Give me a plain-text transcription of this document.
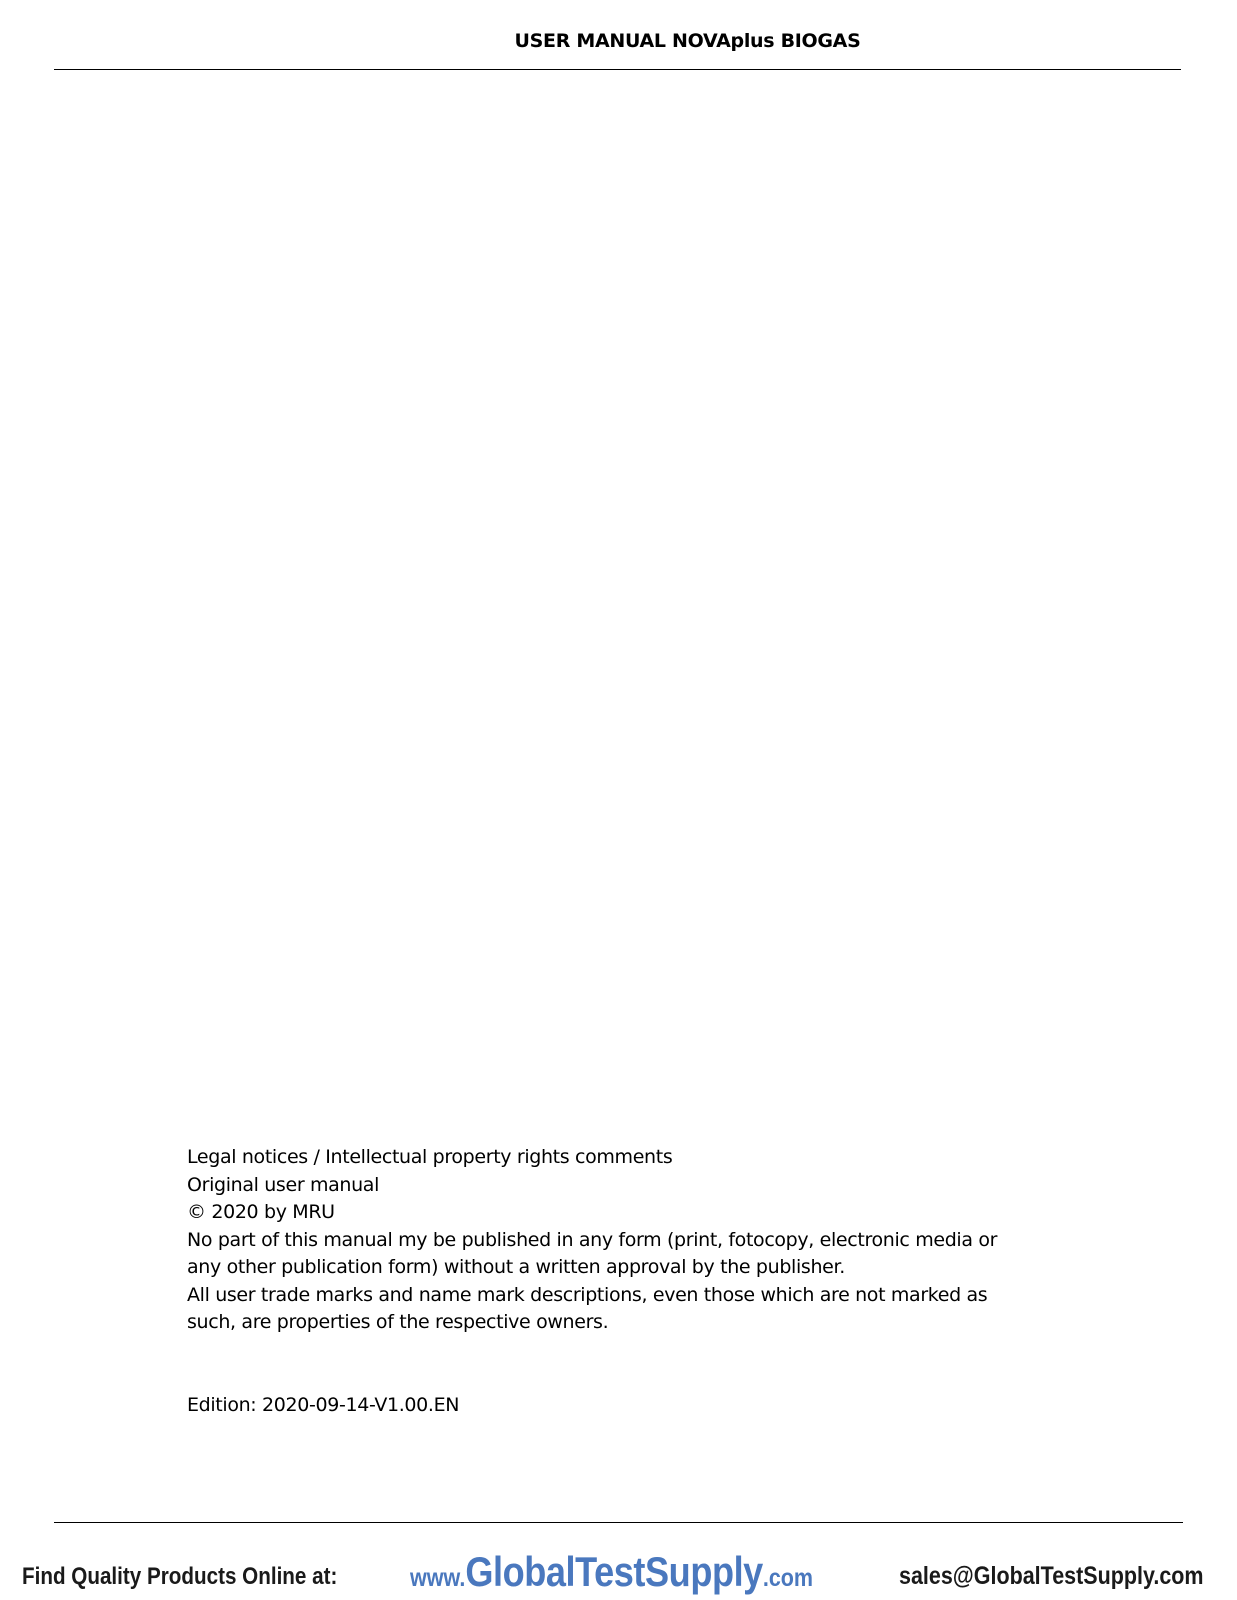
USER MANUAL NOVAplus BIOGAS
Legal notices / Intellectual property rights comments
Original user manual
© 2020 by MRU
No part of this manual my be published in any form (print, fotocopy, electronic media or
any other publication form) without a written approval by the publisher.
All user trade marks and name mark descriptions, even those which are not marked as
such, are properties of the respective owners.
Edition: 2020-09-14-V1.00.EN
Find Quality Products Online at:	www.GlobalTestSupply.com	sales@GlobalTestSupply.com
